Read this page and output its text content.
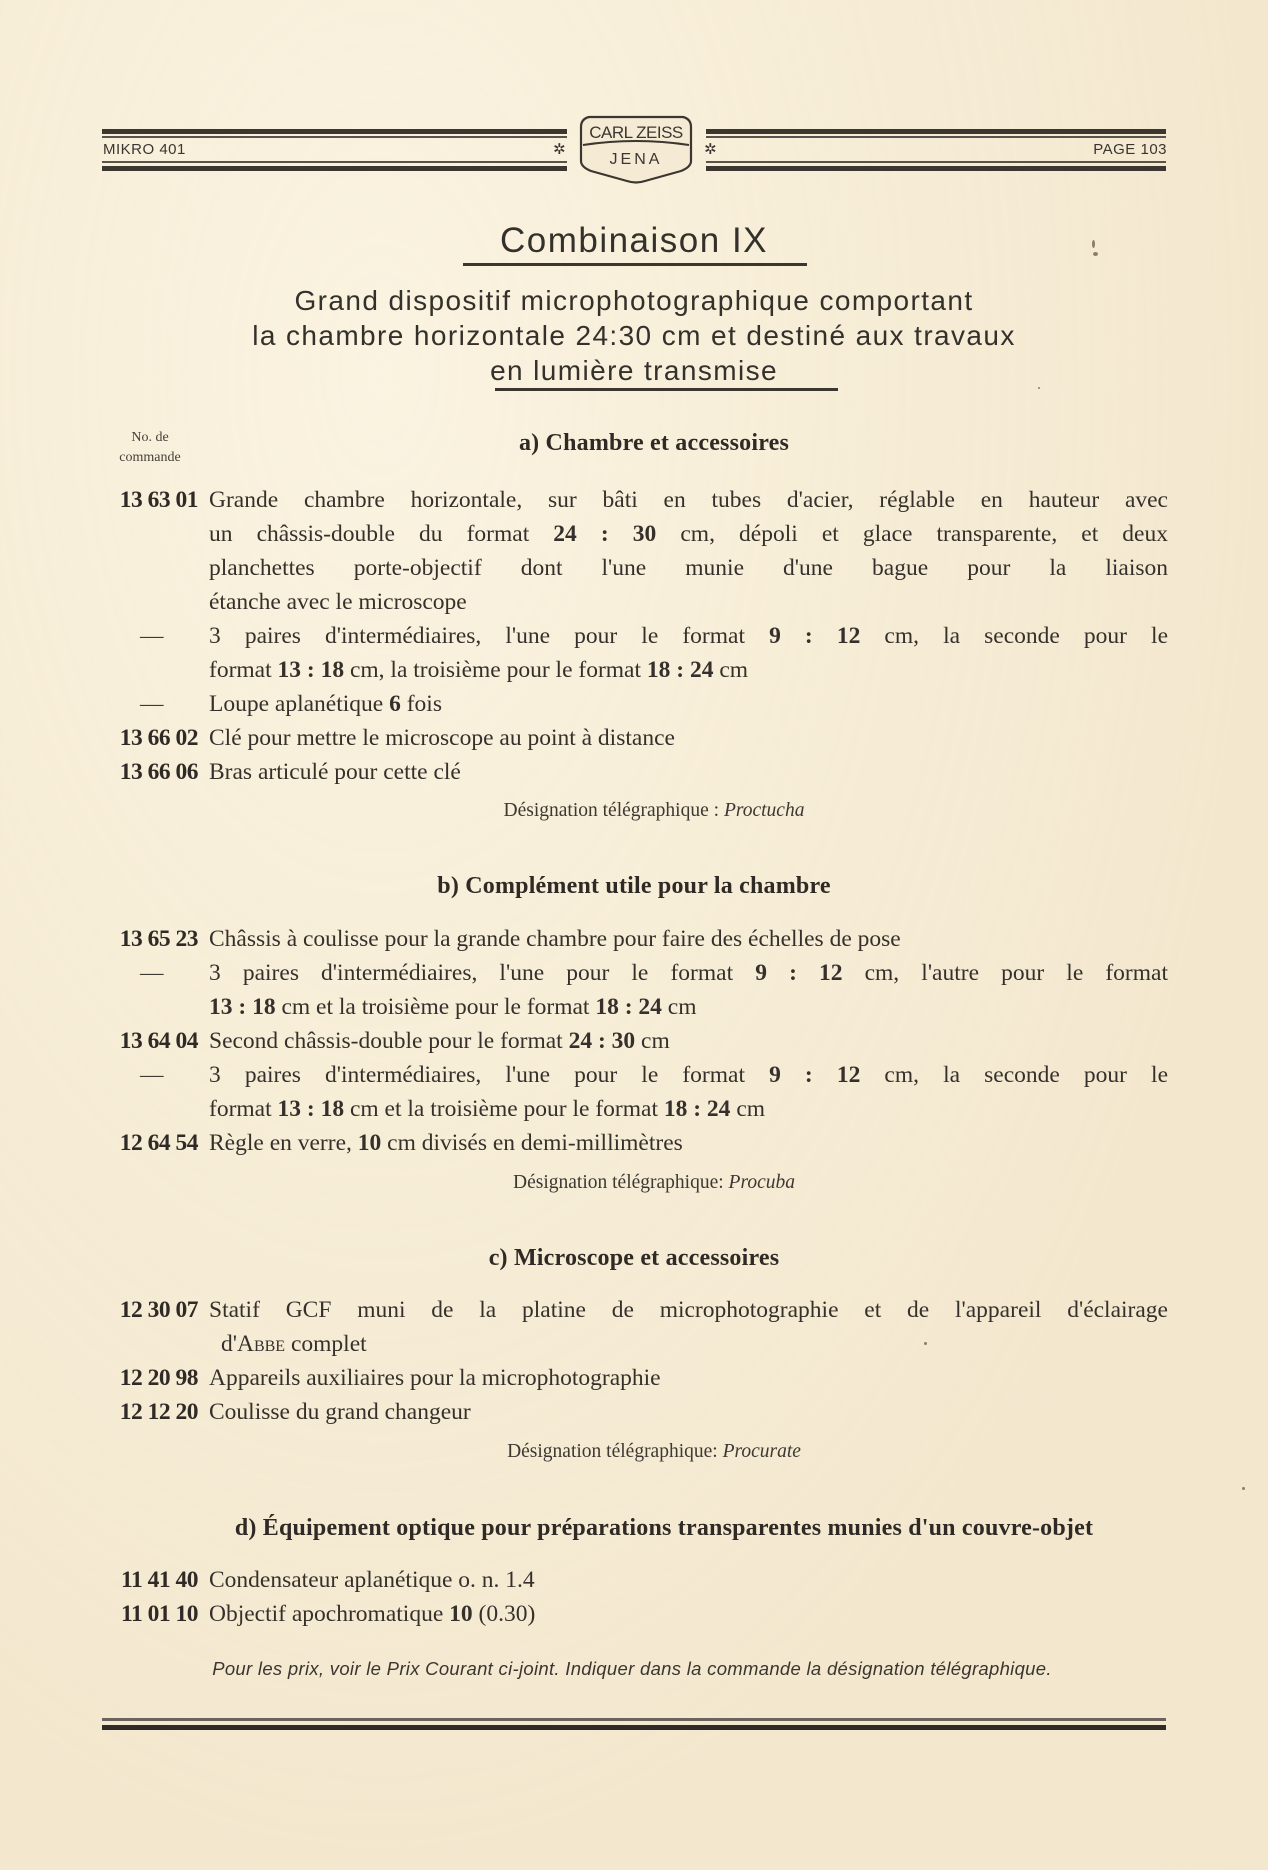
MIKRO 401	PAGE 103
✲	✲
CARL ZEISS
JENA
Combinaison IX
Grand dispositif microphotographique comportant
la chambre horizontale 24:30 cm et destiné aux travaux
en lumière transmise
No. de
commande
a) Chambre et accessoires
13 63 01 Grande chambre horizontale, sur bâti en tubes d'acier, réglable en hauteur avec
un châssis-double du format 24 : 30 cm, dépoli et glace transparente, et deux
planchettes porte-objectif dont l'une munie d'une bague pour la liaison
étanche avec le microscope
— 3 paires d'intermédiaires, l'une pour le format 9 : 12 cm, la seconde pour le
format 13 : 18 cm, la troisième pour le format 18 : 24 cm
— Loupe aplanétique 6 fois
13 66 02 Clé pour mettre le microscope au point à distance
13 66 06 Bras articulé pour cette clé
Désignation télégraphique : Proctucha
b) Complément utile pour la chambre
13 65 23 Châssis à coulisse pour la grande chambre pour faire des échelles de pose
— 3 paires d'intermédiaires, l'une pour le format 9 : 12 cm, l'autre pour le format
13 : 18 cm et la troisième pour le format 18 : 24 cm
13 64 04 Second châssis-double pour le format 24 : 30 cm
— 3 paires d'intermédiaires, l'une pour le format 9 : 12 cm, la seconde pour le
format 13 : 18 cm et la troisième pour le format 18 : 24 cm
12 64 54 Règle en verre, 10 cm divisés en demi-millimètres
Désignation télégraphique: Procuba
c) Microscope et accessoires
12 30 07 Statif GCF muni de la platine de microphotographie et de l'appareil d'éclairage
d'Abbe complet
12 20 98 Appareils auxiliaires pour la microphotographie
12 12 20 Coulisse du grand changeur
Désignation télégraphique: Procurate
d) Équipement optique pour préparations transparentes munies d'un couvre-objet
11 41 40 Condensateur aplanétique o. n. 1.4
11 01 10 Objectif apochromatique 10 (0.30)
Pour les prix, voir le Prix Courant ci-joint. Indiquer dans la commande la désignation télégraphique.
